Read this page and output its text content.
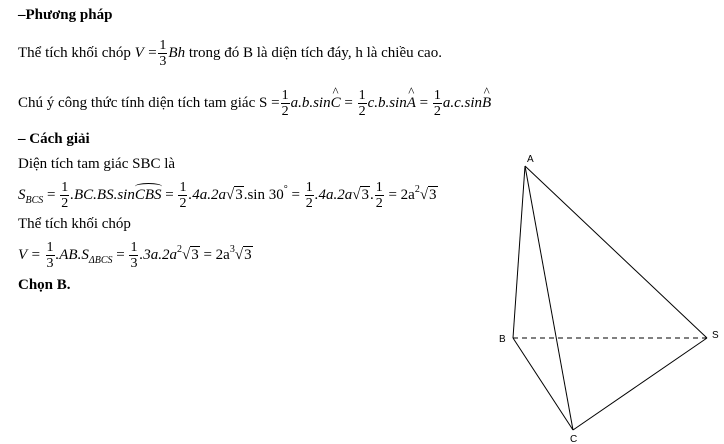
–Phương pháp
Thể tích khối chóp $V = \frac{1}{3}$ Bh trong đó B là diện tích đáy, h là chiều cao.
Chú ý công thức tính diện tích tam giác $S = \frac{1}{2}$ a.b.sin^ $C = \frac{1}{2}$ c.b.sin^ $A = \frac{1}{2}$ a.c.sin^ B
– Cách giải
Diện tích tam giác SBC là
$S_{BCS} = \frac{1}{2}$ .BC.BS.sinCBS = $\frac{1}{2} .4a.2a√3.\sin$ $30^\circ = \frac{1}{2} .4a.2a√3$. $\frac{1}{2} = 2a^2√3$
Thể tích khối chóp
$V = \frac{1}{3} .AB.S_{\Delta BCS} = \frac{1}{3} .3a.2a^2√3 = 2a^3√3$
Chọn B.
A
B	S
C
